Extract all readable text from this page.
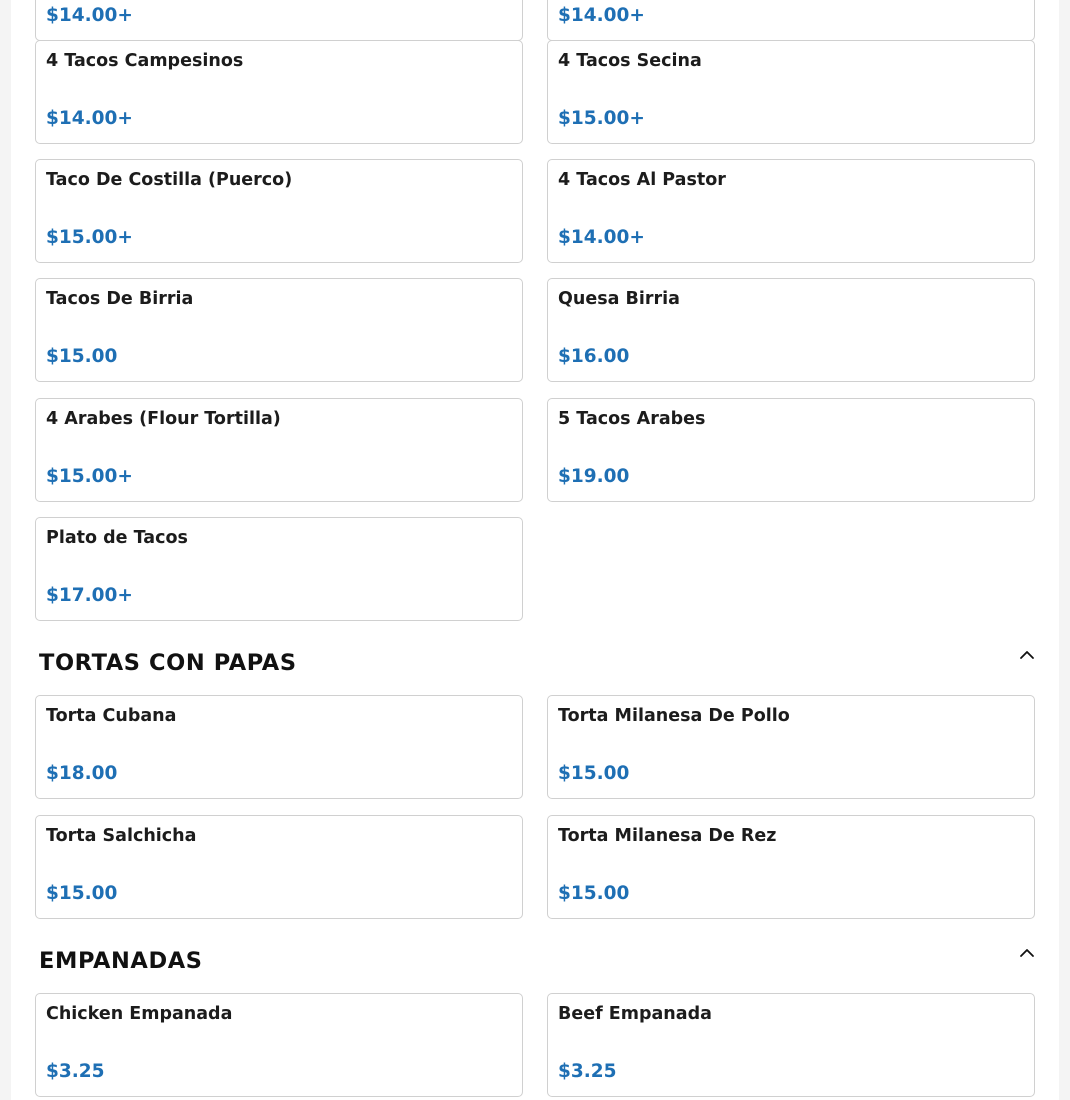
$14.00+	$14.00+
4 Tacos Campesinos
$14.00+
4 Tacos Secina
$15.00+
Taco De Costilla (Puerco)
$15.00+
4 Tacos Al Pastor
$14.00+
Tacos De Birria
$15.00
Quesa Birria
$16.00
4 Arabes (Flour Tortilla)
$15.00+
5 Tacos Arabes
$19.00
Plato de Tacos
$17.00+
TORTAS CON PAPAS
Torta Cubana
$18.00
Torta Milanesa De Pollo
$15.00
Torta Salchicha
$15.00
Torta Milanesa De Rez
$15.00
EMPANADAS
Chicken Empanada
$3.25
Beef Empanada
$3.25
